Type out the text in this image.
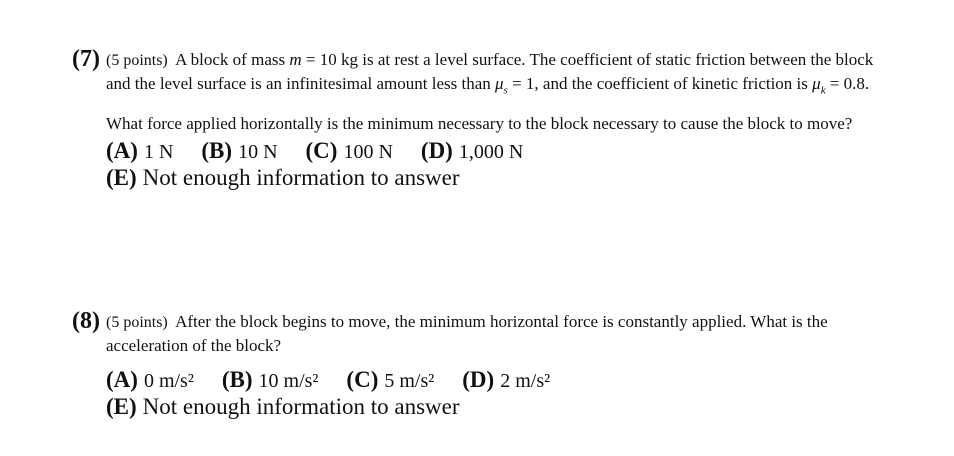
(7) (5 points) A block of mass m = 10 kg is at rest a level surface. The coefficient of static friction between the block and the level surface is an infinitesimal amount less than $\mu_s = 1$, and the coefficient of kinetic friction is $\mu_k = 0.8$.

What force applied horizontally is the minimum necessary to the block necessary to cause the block to move?

(A) 1 N (B) 10 N (C) 100 N (D) 1,000 N
(E) Not enough information to answer

(8) (5 points) After the block begins to move, the minimum horizontal force is constantly applied. What is the acceleration of the block?

(A) 0 m/s² (B) 10 m/s² (C) 5 m/s² (D) 2 m/s²
(E) Not enough information to answer
